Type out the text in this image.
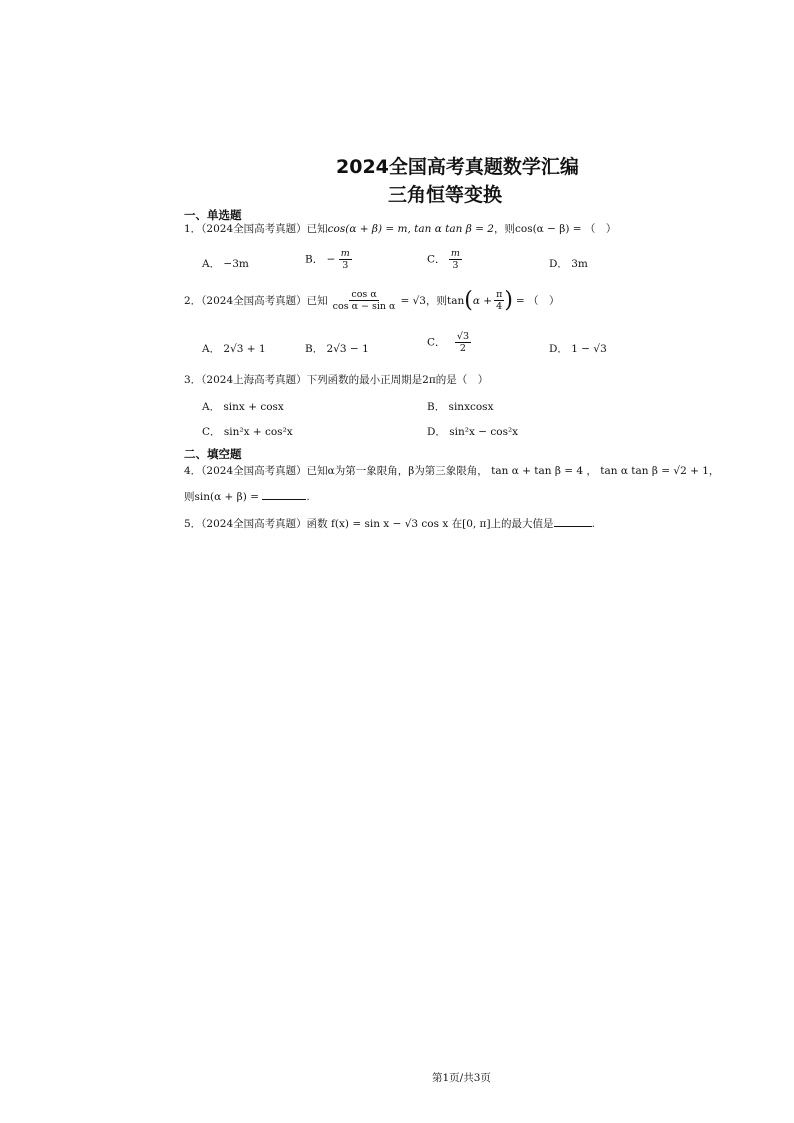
2024全国高考真题数学汇编
三角恒等变换
一、单选题
1．（2024全国高考真题）已知cos(α + β) = m, tan α tan β = 2，则cos(α − β) = （　）
A． −3m	B． − $\frac{m}{3}$	C． $\frac{m}{3}$	D． 3m
2．（2024全国高考真题）已知 $\frac{\text{cos α}}{\text{cos α − sin α}} = √3$ ，则tan ( $\alpha + \frac{\pi}{4}$ ) = （　）
A． 2√3 + 1	B． 2√3 − 1
C． $\frac{√3}{2}$	D． 1 − √3
3．（2024上海高考真题）下列函数的最小正周期是2π的是（　）
A． sinx + cosx	B． sinxcosx
C． sin²x + cos²x	D． sin²x − cos²x
二、填空题
4．（2024全国高考真题）已知α为第一象限角，β为第三象限角， tan α + tan β = 4 ， tan α tan β = √2 + 1，
则sin(α + β) =	.
5．（2024全国高考真题）函数 f(x) = sin x − √3 cos x 在[0, π]上的最大值是	.
第1页/共3页
